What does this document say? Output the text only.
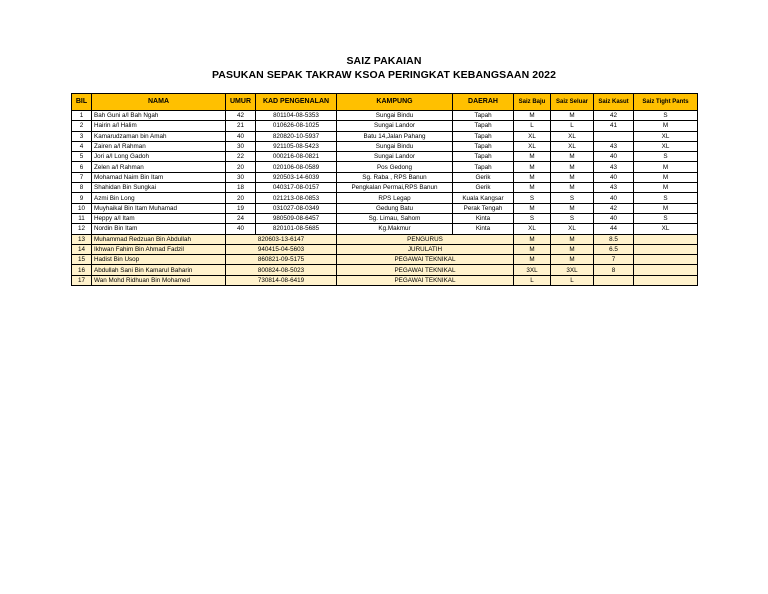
SAIZ PAKAIAN
PASUKAN SEPAK TAKRAW KSOA PERINGKAT KEBANGSAAN 2022
BIL	NAMA	UMUR	KAD PENGENALAN	KAMPUNG	DAERAH	Saiz Baju	Saiz Seluar	Saiz Kasut	Saiz Tight Pants
1	Bah Guni a/l Bah Ngah	42	801104-08-5353	Sungai Bindu	Tapah	M	M	42	S
2	Hairin a/l Halim	21	010626-08-1025	Sungai Landor	Tapah	L	L	41	M
3	Kamarudzaman bin Amah	40	820820-10-5937	Batu 14,Jalan Pahang	Tapah	XL	XL		XL
4	Zairen a/l Rahman	30	921105-08-5423	Sungai Bindu	Tapah	XL	XL	43	XL
5	Jori a/l Long Gadoh	22	000216-08-0821	Sungai Landor	Tapah	M	M	40	S
6	Zelen a/l Rahman	20	020106-08-0589	Pos Gedong	Tapah	M	M	43	M
7	Mohamad Naim Bin Itam	30	920503-14-6039	Sg. Raba , RPS Banun	Gerik	M	M	40	M
8	Shahidan Bin Sungkai	18	040317-08-0157	Pengkalan Permai,RPS Banun	Gerik	M	M	43	M
9	Azmi Bin Long	20	021213-08-0853	RPS Legap	Kuala Kangsar	S	S	40	S
10	Muyhaikal Bin Itam Muhamad	19	031027-08-0349	Gedung Batu	Perak Tengah	M	M	42	M
11	Heppy a/l Itam	24	980509-08-6457	Sg. Limau, Sahom	Kinta	S	S	40	S
12	Nordin Bin Itam	40	820101-08-5685	Kg.Makmur	Kinta	XL	XL	44	XL
13	Muhammad Redzuan Bin Abdullah	820603-13-6147		PENGURUS		M	M	8.5	
14	Ikhwan Fahim Bin Ahmad Fadzil	940415-04-5603		JURULATIH		M	M	6.5	
15	Hadist Bin Usop	860821-09-5175		PEGAWAI TEKNIKAL		M	M	7	
16	Abdullah Sani Bin Kamarul Baharin	800824-08-5023		PEGAWAI TEKNIKAL		3XL	3XL	8	
17	Wan Mohd Ridhuan Bin Mohamed	730814-08-6419		PEGAWAI TEKNIKAL		L	L		
